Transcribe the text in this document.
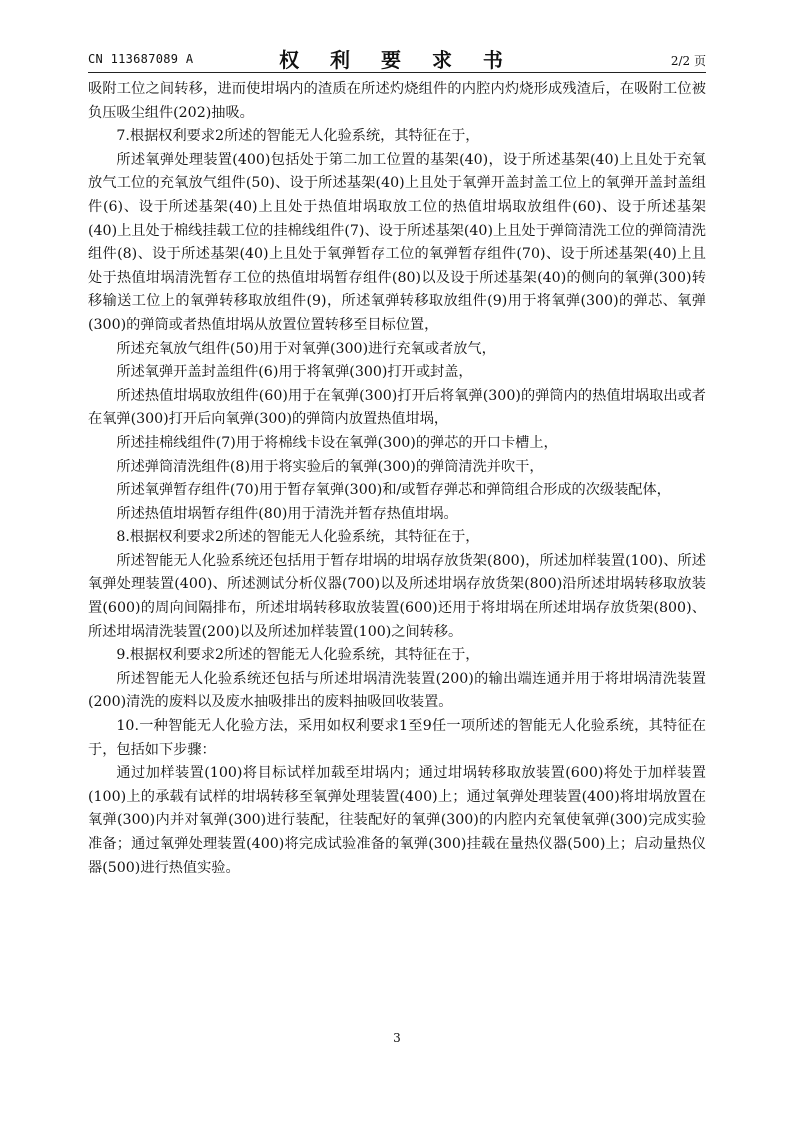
CN 113687089 A	权 利 要 求 书	2/2 页

吸附工位之间转移，进而使坩埚内的渣质在所述灼烧组件的内腔内灼烧形成残渣后，在吸附工位被负压吸尘组件(202)抽吸。

7.根据权利要求2所述的智能无人化验系统，其特征在于，

所述氧弹处理装置(400)包括处于第二加工位置的基架(40)，设于所述基架(40)上且处于充氧放气工位的充氧放气组件(50)、设于所述基架(40)上且处于氧弹开盖封盖工位上的氧弹开盖封盖组件(6)、设于所述基架(40)上且处于热值坩埚取放工位的热值坩埚取放组件(60)、设于所述基架(40)上且处于棉线挂载工位的挂棉线组件(7)、设于所述基架(40)上且处于弹筒清洗工位的弹筒清洗组件(8)、设于所述基架(40)上且处于氧弹暂存工位的氧弹暂存组件(70)、设于所述基架(40)上且处于热值坩埚清洗暂存工位的热值坩埚暂存组件(80)以及设于所述基架(40)的侧向的氧弹(300)转移输送工位上的氧弹转移取放组件(9)，所述氧弹转移取放组件(9)用于将氧弹(300)的弹芯、氧弹(300)的弹筒或者热值坩埚从放置位置转移至目标位置，

所述充氧放气组件(50)用于对氧弹(300)进行充氧或者放气，

所述氧弹开盖封盖组件(6)用于将氧弹(300)打开或封盖，

所述热值坩埚取放组件(60)用于在氧弹(300)打开后将氧弹(300)的弹筒内的热值坩埚取出或者在氧弹(300)打开后向氧弹(300)的弹筒内放置热值坩埚，

所述挂棉线组件(7)用于将棉线卡设在氧弹(300)的弹芯的开口卡槽上，

所述弹筒清洗组件(8)用于将实验后的氧弹(300)的弹筒清洗并吹干，

所述氧弹暂存组件(70)用于暂存氧弹(300)和/或暂存弹芯和弹筒组合形成的次级装配体，

所述热值坩埚暂存组件(80)用于清洗并暂存热值坩埚。

8.根据权利要求2所述的智能无人化验系统，其特征在于，

所述智能无人化验系统还包括用于暂存坩埚的坩埚存放货架(800)，所述加样装置(100)、所述氧弹处理装置(400)、所述测试分析仪器(700)以及所述坩埚存放货架(800)沿所述坩埚转移取放装置(600)的周向间隔排布，所述坩埚转移取放装置(600)还用于将坩埚在所述坩埚存放货架(800)、所述坩埚清洗装置(200)以及所述加样装置(100)之间转移。

9.根据权利要求2所述的智能无人化验系统，其特征在于，

所述智能无人化验系统还包括与所述坩埚清洗装置(200)的输出端连通并用于将坩埚清洗装置(200)清洗的废料以及废水抽吸排出的废料抽吸回收装置。

10.一种智能无人化验方法，采用如权利要求1至9任一项所述的智能无人化验系统，其特征在于，包括如下步骤：

通过加样装置(100)将目标试样加载至坩埚内；通过坩埚转移取放装置(600)将处于加样装置(100)上的承载有试样的坩埚转移至氧弹处理装置(400)上；通过氧弹处理装置(400)将坩埚放置在氧弹(300)内并对氧弹(300)进行装配，往装配好的氧弹(300)的内腔内充氧使氧弹(300)完成实验准备；通过氧弹处理装置(400)将完成试验准备的氧弹(300)挂载在量热仪器(500)上；启动量热仪器(500)进行热值实验。

3
